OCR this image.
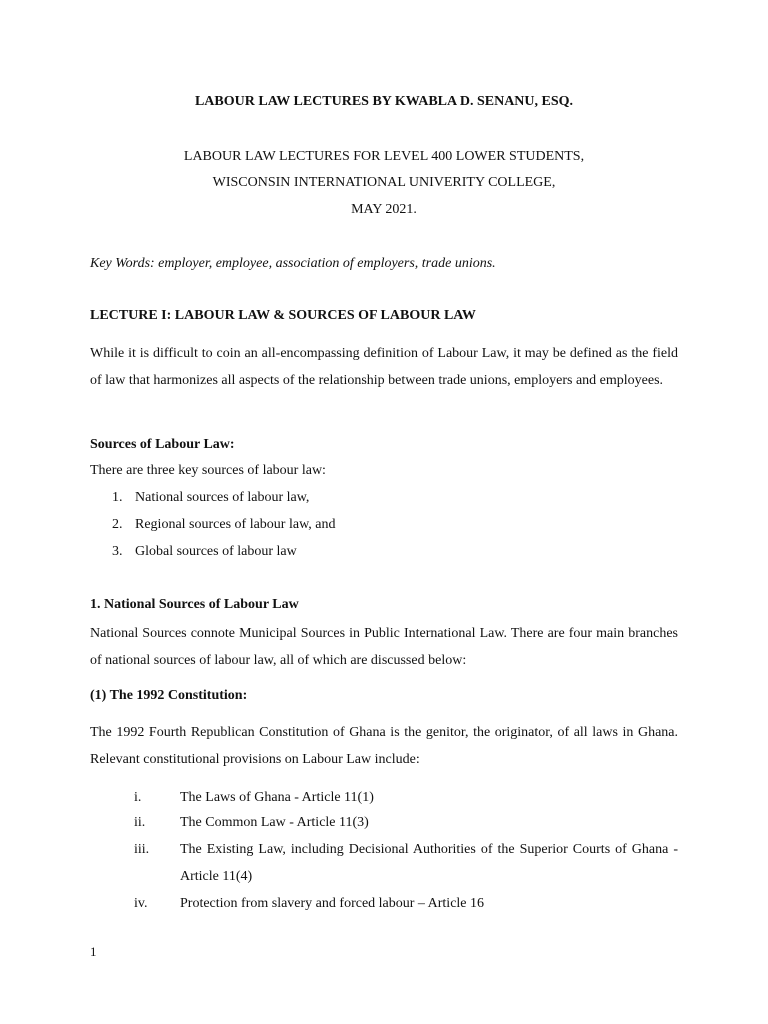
LABOUR LAW LECTURES BY KWABLA D. SENANU, ESQ.
LABOUR LAW LECTURES FOR LEVEL 400 LOWER STUDENTS,
WISCONSIN INTERNATIONAL UNIVERITY COLLEGE,
MAY 2021.
Key Words: employer, employee, association of employers, trade unions.
LECTURE I: LABOUR LAW & SOURCES OF LABOUR LAW
While it is difficult to coin an all-encompassing definition of Labour Law, it may be defined as the field of law that harmonizes all aspects of the relationship between trade unions, employers and employees.
Sources of Labour Law:
There are three key sources of labour law:
1. National sources of labour law,
2. Regional sources of labour law, and
3. Global sources of labour law
1. National Sources of Labour Law
National Sources connote Municipal Sources in Public International Law. There are four main branches of national sources of labour law, all of which are discussed below:
(1) The 1992 Constitution:
The 1992 Fourth Republican Constitution of Ghana is the genitor, the originator, of all laws in Ghana. Relevant constitutional provisions on Labour Law include:
i.	The Laws of Ghana - Article 11(1)
ii. The Common Law - Article 11(3)
iii. The Existing Law, including Decisional Authorities of the Superior Courts of Ghana - Article 11(4)
iv. Protection from slavery and forced labour – Article 16
1
